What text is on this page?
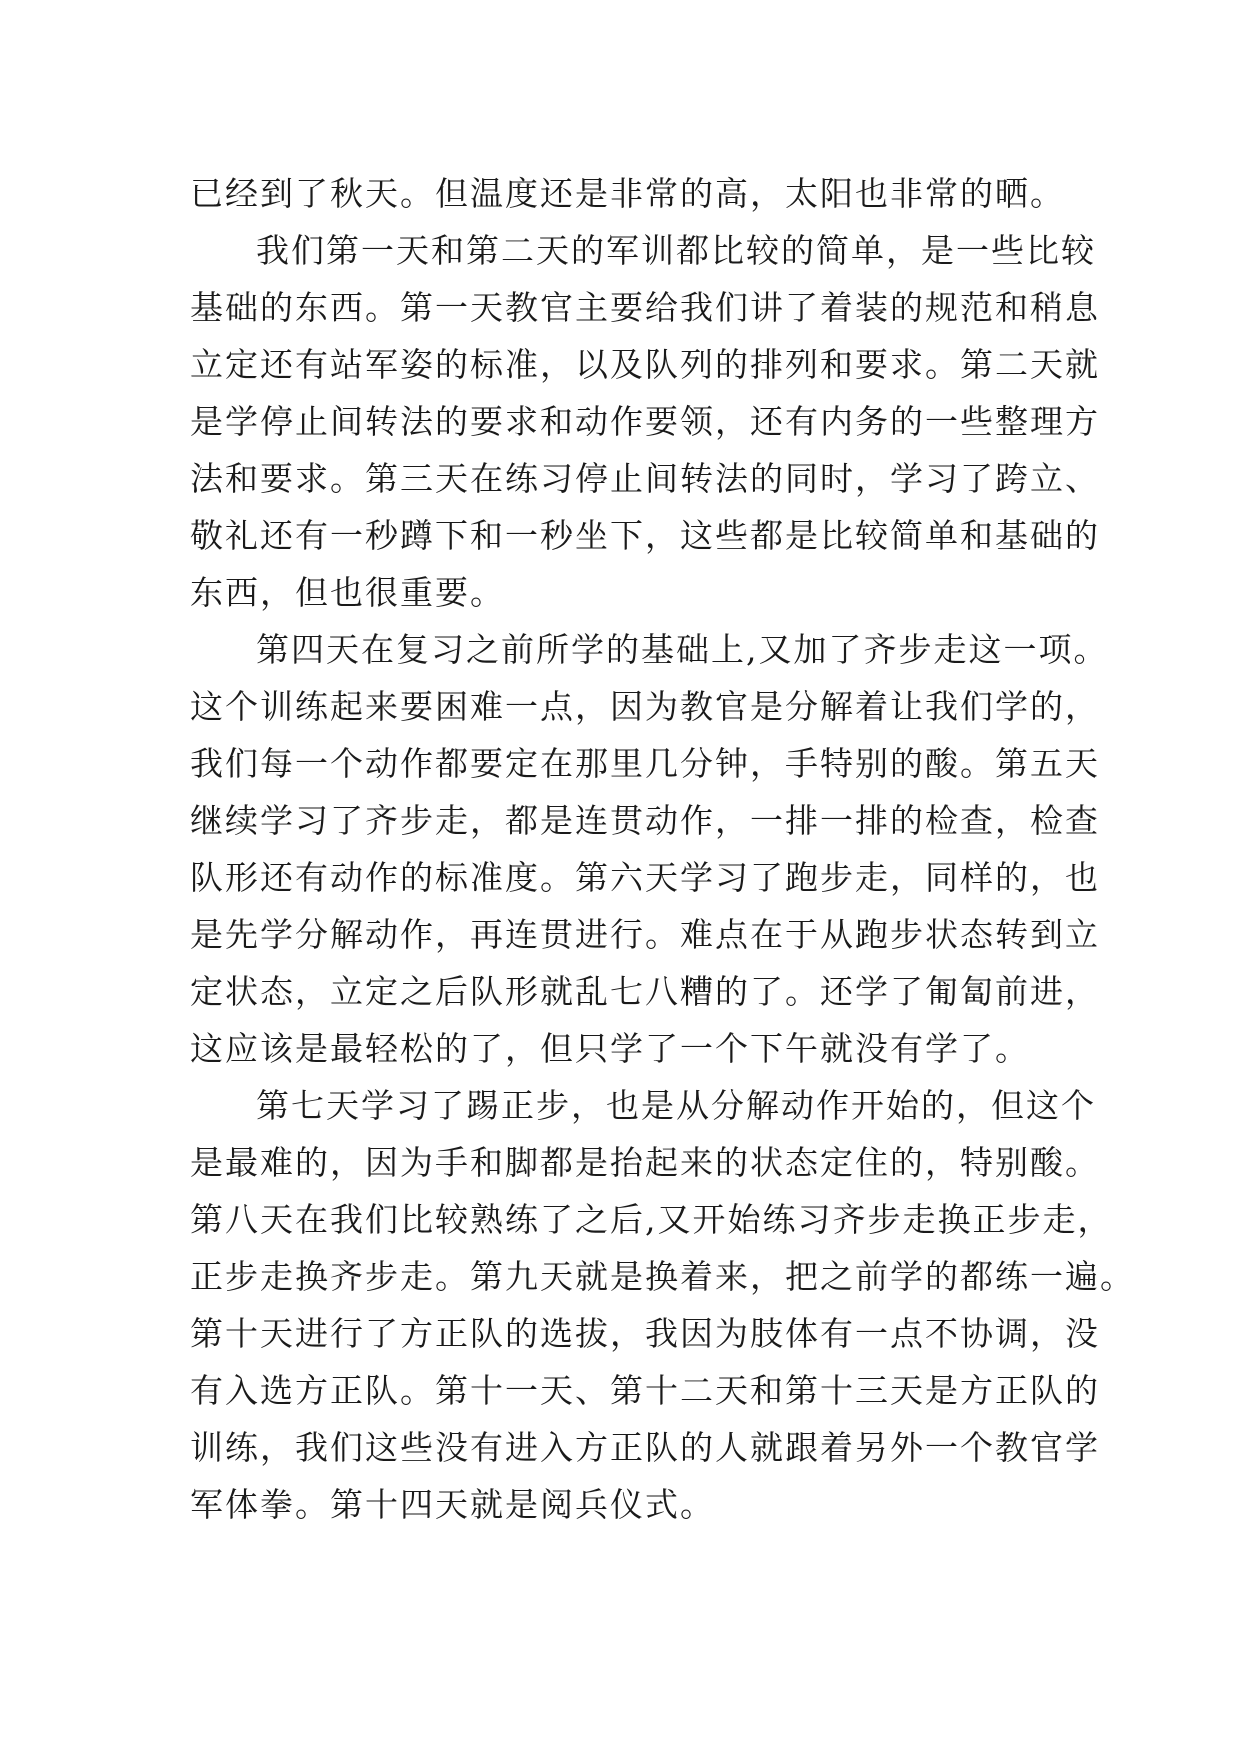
已经到了秋天。但温度还是非常的高，太阳也非常的晒。

我们第一天和第二天的军训都比较的简单，是一些比较
基础的东西。第一天教官主要给我们讲了着装的规范和稍息
立定还有站军姿的标准，以及队列的排列和要求。第二天就
是学停止间转法的要求和动作要领，还有内务的一些整理方
法和要求。第三天在练习停止间转法的同时，学习了跨立、
敬礼还有一秒蹲下和一秒坐下，这些都是比较简单和基础的
东西，但也很重要。

第四天在复习之前所学的基础上,又加了齐步走这一项。
这个训练起来要困难一点，因为教官是分解着让我们学的，
我们每一个动作都要定在那里几分钟，手特别的酸。第五天
继续学习了齐步走，都是连贯动作，一排一排的检查，检查
队形还有动作的标准度。第六天学习了跑步走，同样的，也
是先学分解动作，再连贯进行。难点在于从跑步状态转到立
定状态，立定之后队形就乱七八糟的了。还学了匍匐前进，
这应该是最轻松的了，但只学了一个下午就没有学了。

第七天学习了踢正步，也是从分解动作开始的，但这个
是最难的，因为手和脚都是抬起来的状态定住的，特别酸。
第八天在我们比较熟练了之后,又开始练习齐步走换正步走，
正步走换齐步走。第九天就是换着来，把之前学的都练一遍。
第十天进行了方正队的选拔，我因为肢体有一点不协调，没
有入选方正队。第十一天、第十二天和第十三天是方正队的
训练，我们这些没有进入方正队的人就跟着另外一个教官学
军体拳。第十四天就是阅兵仪式。
